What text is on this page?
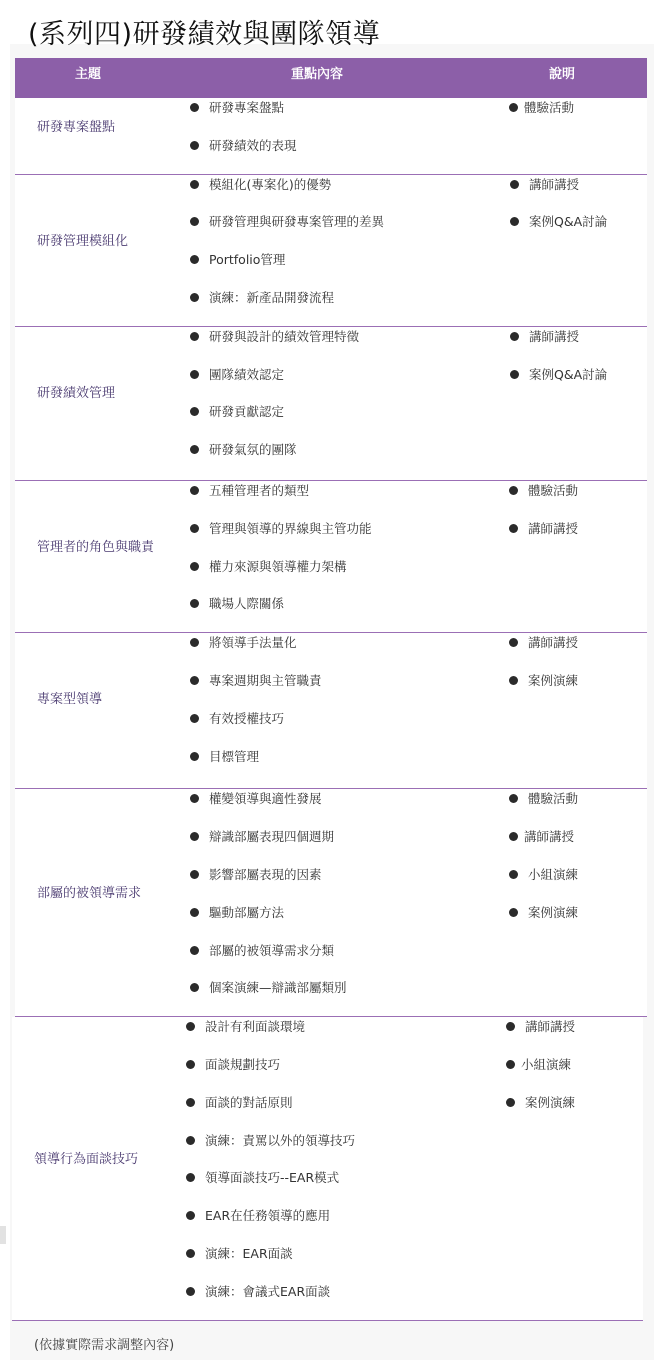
(系列四)研發績效與團隊領導
主題	重點內容	說明
研發專案盤點
研發專案盤點
研發績效的表現
體驗活動
研發管理模組化
模組化(專案化)的優勢
研發管理與研發專案管理的差異
Portfolio管理
演練：新產品開發流程
講師講授
案例Q&A討論
研發績效管理
研發與設計的績效管理特徵
團隊績效認定
研發貢獻認定
研發氣氛的團隊
講師講授
案例Q&A討論
管理者的角色與職責
五種管理者的類型
管理與領導的界線與主管功能
權力來源與領導權力架構
職場人際關係
體驗活動
講師講授
專案型領導
將領導手法量化
專案週期與主管職責
有效授權技巧
目標管理
講師講授
案例演練
部屬的被領導需求
權變領導與適性發展
辯識部屬表現四個週期
影響部屬表現的因素
驅動部屬方法
部屬的被領導需求分類
個案演練—辯識部屬類別
體驗活動
講師講授
小組演練
案例演練
領導行為面談技巧
設計有利面談環境
面談規劃技巧
面談的對話原則
演練：責罵以外的領導技巧
領導面談技巧--EAR模式
EAR在任務領導的應用
演練：EAR面談
演練：會議式EAR面談
講師講授
小組演練
案例演練
(依據實際需求調整內容)
